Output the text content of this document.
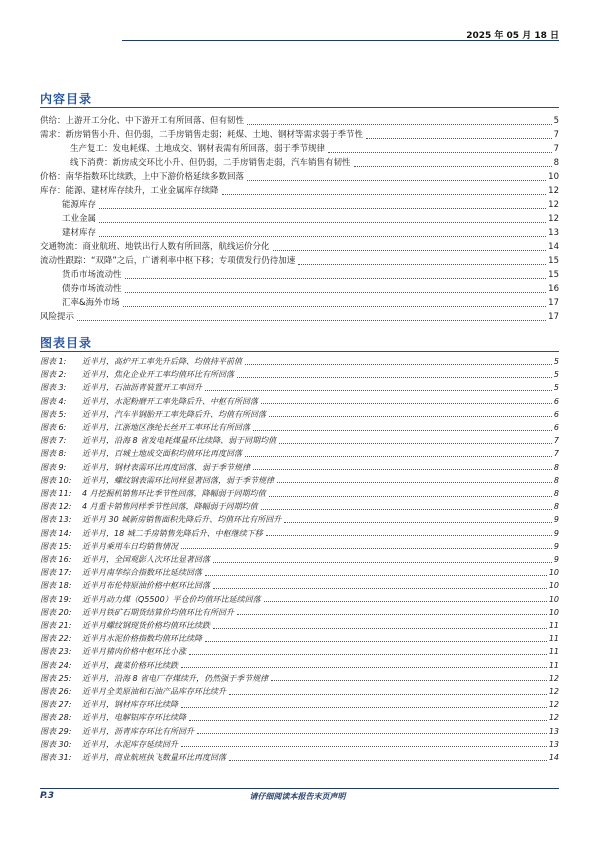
2025 年 05 月 18 日
内容目录
供给：上游开工分化、中下游开工有所回落、但有韧性	5
需求：新房销售小升、但仍弱，二手房销售走弱；耗煤、土地、钢材等需求弱于季节性	7
生产复工：发电耗煤、土地成交、钢材表需有所回落，弱于季节规律	7
线下消费：新房成交环比小升、但仍弱，二手房销售走弱，汽车销售有韧性	8
价格：南华指数环比续跌，上中下游价格延续多数回落	10
库存：能源、建材库存续升，工业金属库存续降	12
能源库存	12
工业金属	12
建材库存	13
交通物流：商业航班、地铁出行人数有所回落，航线运价分化	14
流动性跟踪：“双降”之后，广谱利率中枢下移；专项债发行仍待加速	15
货币市场流动性	15
债券市场流动性	16
汇率&海外市场	17
风险提示	17
图表目录
图表 1:	近半月，高炉开工率先升后降、均值持平前值	5
图表 2:	近半月，焦化企业开工率均值环比有所回落	5
图表 3:	近半月，石油沥青装置开工率回升	5
图表 4:	近半月，水泥粉磨开工率先降后升、中枢有所回落	6
图表 5:	近半月，汽车半钢胎开工率先降后升、均值有所回落	6
图表 6:	近半月，江浙地区涤纶长丝开工率环比有所回落	6
图表 7:	近半月，沿海 8 省发电耗煤量环比续降、弱于同期均值	7
图表 8:	近半月，百城土地成交面积均值环比再度回落	7
图表 9:	近半月，钢材表需环比再度回落、弱于季节规律	8
图表 10:	近半月，螺纹钢表需环比同样显著回落，弱于季节规律	8
图表 11:	4 月挖掘机销售环比季节性回落，降幅弱于同期均值	8
图表 12:	4 月重卡销售同样季节性回落，降幅弱于同期均值	8
图表 13:	近半月 30 城新房销售面积先降后升、均值环比有所回升	9
图表 14:	近半月，18 城二手房销售先降后升、中枢继续下移	9
图表 15:	近半月乘用车日均销售情况	9
图表 16:	近半月，全国观影人次环比显著回落	9
图表 17:	近半月南华综合指数环比延续回落	10
图表 18:	近半月布伦特原油价格中枢环比回落	10
图表 19:	近半月动力煤（Q5500）平仓价均值环比延续回落	10
图表 20:	近半月铁矿石期货结算价均值环比有所回升	10
图表 21:	近半月螺纹钢现货价格均值环比续跌	11
图表 22:	近半月水泥价格指数均值环比续降	11
图表 23:	近半月猪肉价格中枢环比小涨	11
图表 24:	近半月，蔬菜价格环比续跌	11
图表 25:	近半月，沿海 8 省电厂存煤续升，仍然强于季节规律	12
图表 26:	近半月全美原油和石油产品库存环比续升	12
图表 27:	近半月，钢材库存环比续降	12
图表 28:	近半月，电解铝库存环比续降	12
图表 29:	近半月，沥青库存环比有所回升	13
图表 30:	近半月，水泥库存延续回升	13
图表 31:	近半月，商业航班执飞数量环比再度回落	14
P.3	请仔细阅读本报告末页声明
